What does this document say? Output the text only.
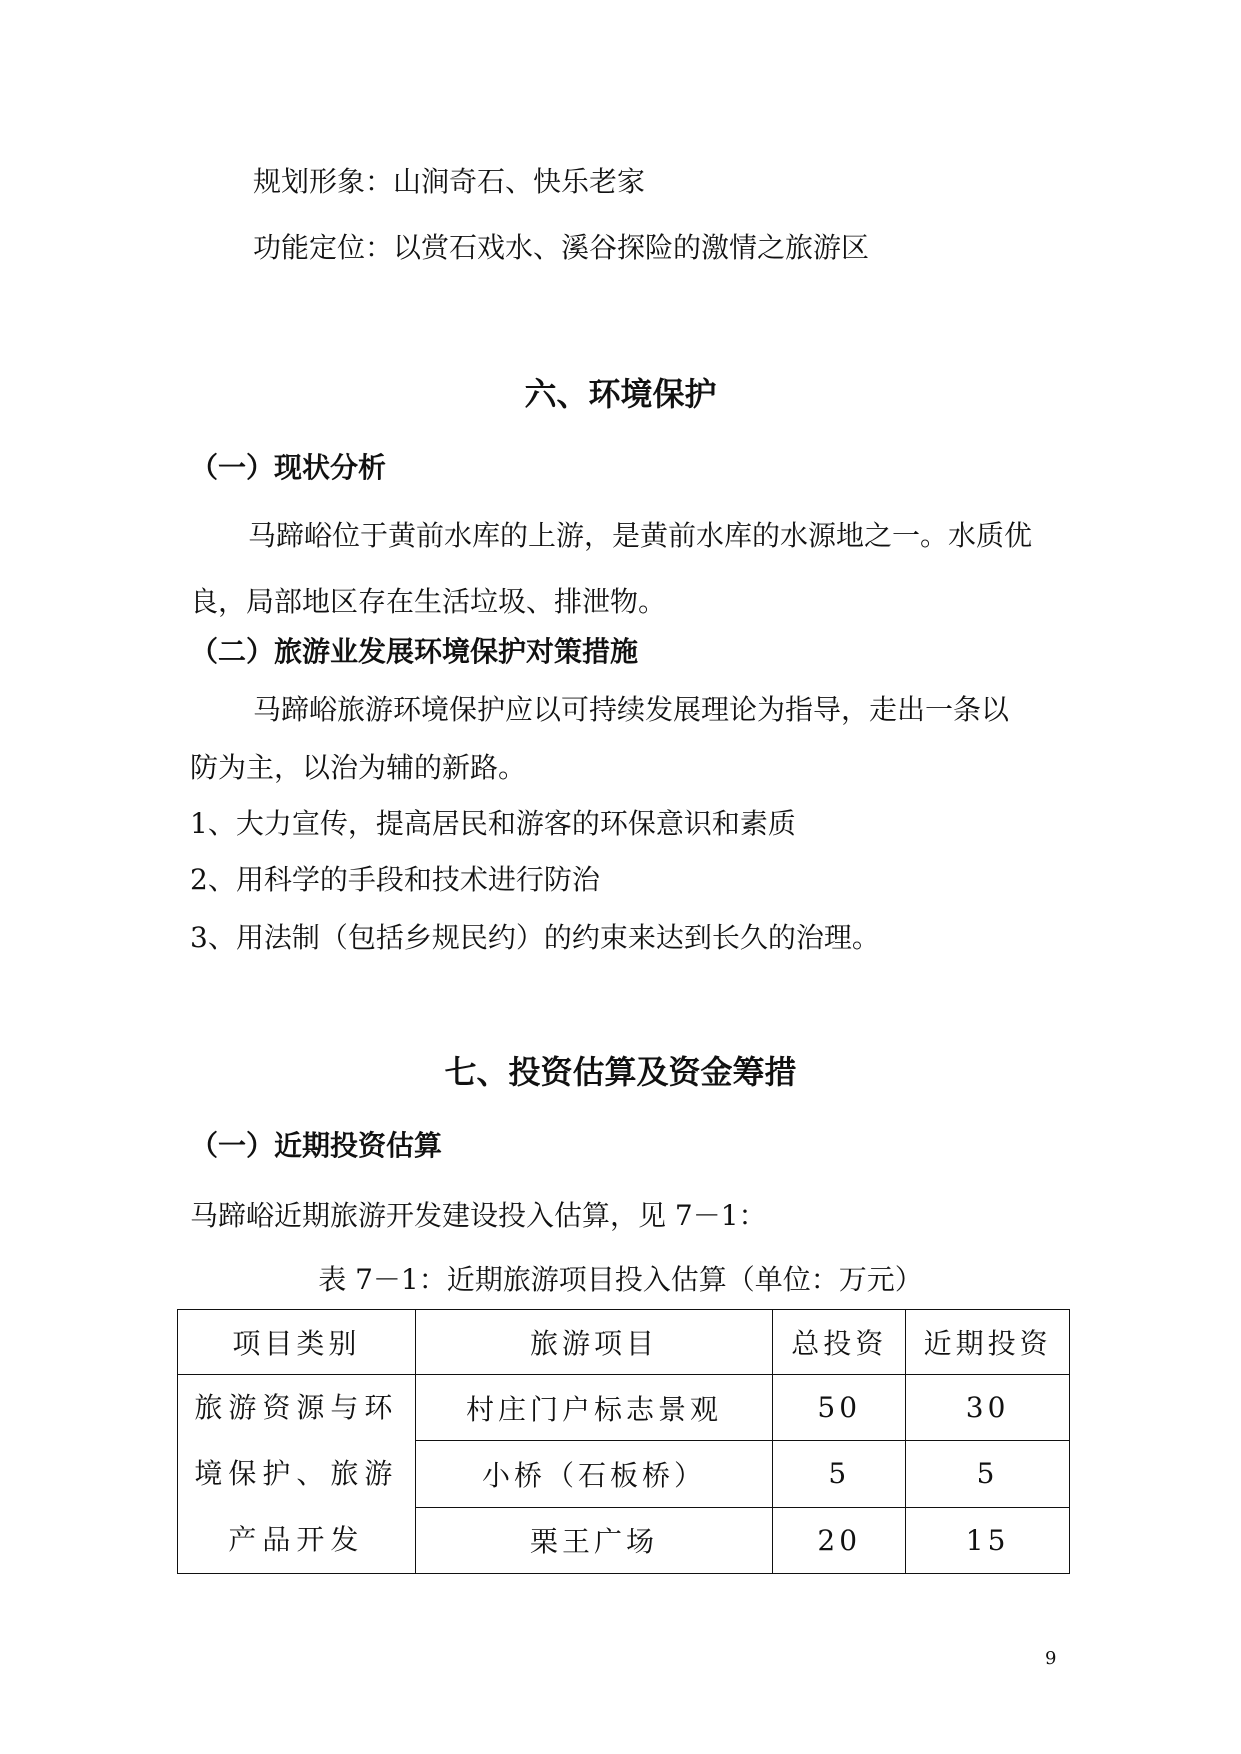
规划形象：山涧奇石、快乐老家
功能定位：以赏石戏水、溪谷探险的激情之旅游区
六、环境保护
（一）现状分析
马蹄峪位于黄前水库的上游，是黄前水库的水源地之一。水质优
良，局部地区存在生活垃圾、排泄物。
（二）旅游业发展环境保护对策措施
马蹄峪旅游环境保护应以可持续发展理论为指导，走出一条以
防为主，以治为辅的新路。
1、大力宣传，提高居民和游客的环保意识和素质
2、用科学的手段和技术进行防治
3、用法制（包括乡规民约）的约束来达到长久的治理。
七、投资估算及资金筹措
（一）近期投资估算
马蹄峪近期旅游开发建设投入估算，见 7－1：
表 7－1：近期旅游项目投入估算（单位：万元）
项目类别	旅游项目	总投资	近期投资

旅游资源与环
境保护、旅游
产品开发	村庄门户标志景观	50	30
	小桥（石板桥）	5	5
	栗王广场	20	15
9
